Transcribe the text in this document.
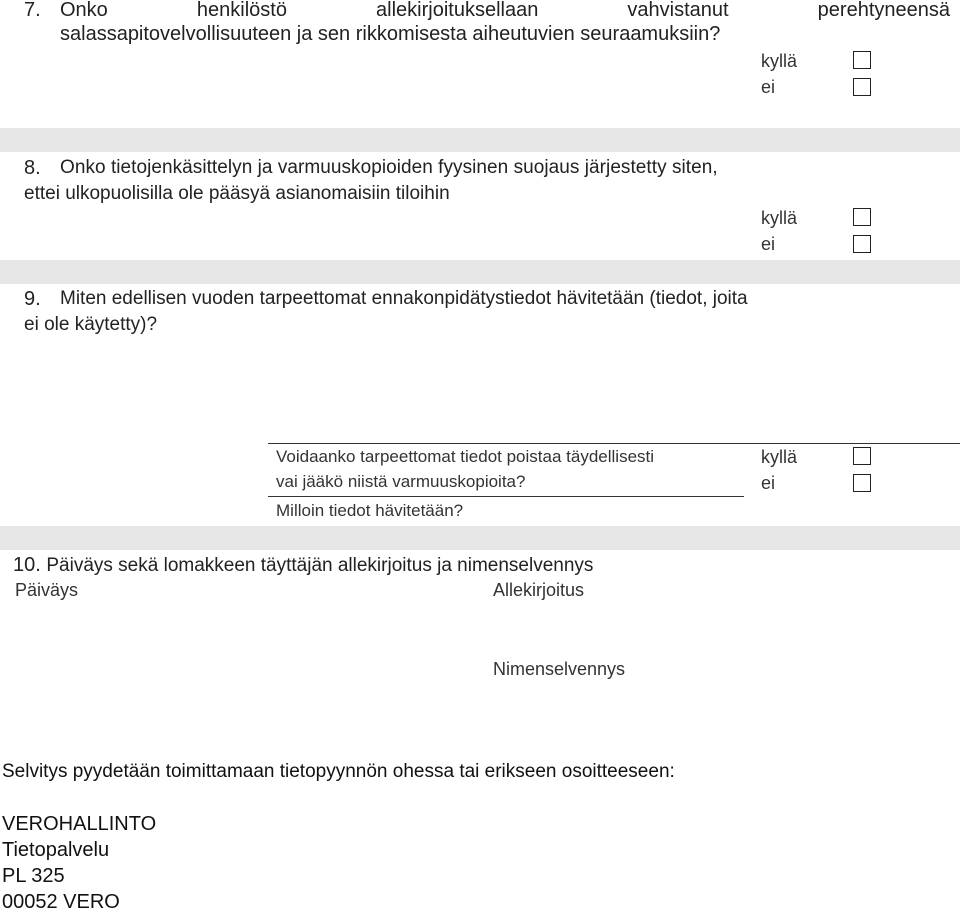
7. Onko	henkilöstö	allekirjoituksellaan	vahvistanut	perehtyneensä
salassapitovelvollisuuteen ja sen rikkomisesta aiheutuvien seuraamuksiin?
kyllä
ei
8. Onko tietojenkäsittelyn ja varmuuskopioiden fyysinen suojaus järjestetty siten,
ettei ulkopuolisilla ole pääsyä asianomaisiin tiloihin
kyllä
ei
9. Miten edellisen vuoden tarpeettomat ennakonpidätystiedot hävitetään (tiedot, joita
ei ole käytetty)?
Voidaanko tarpeettomat tiedot poistaa täydellisesti
vai jääkö niistä varmuuskopioita?
kyllä
ei
Milloin tiedot hävitetään?
10. Päiväys sekä lomakkeen täyttäjän allekirjoitus ja nimenselvennys
Päiväys	Allekirjoitus
Nimenselvennys
Selvitys pyydetään toimittamaan tietopyynnön ohessa tai erikseen osoitteeseen:
VEROHALLINTO
Tietopalvelu
PL 325
00052 VERO
